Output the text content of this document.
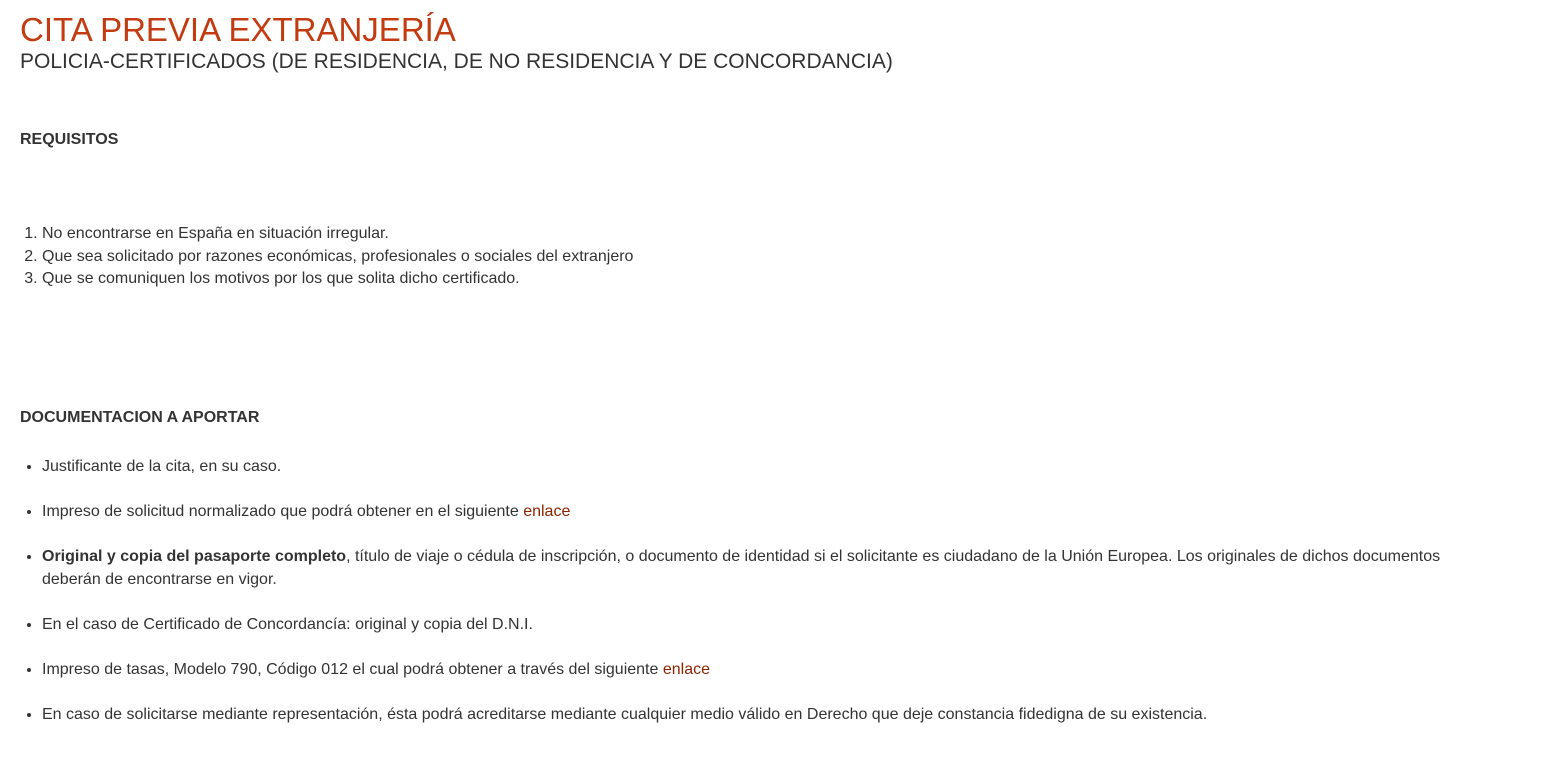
CITA PREVIA EXTRANJERÍA
POLICIA-CERTIFICADOS (DE RESIDENCIA, DE NO RESIDENCIA Y DE CONCORDANCIA)
REQUISITOS
1. No encontrarse en España en situación irregular.
2. Que sea solicitado por razones económicas, profesionales o sociales del extranjero
3. Que se comuniquen los motivos por los que solita dicho certificado.
DOCUMENTACION A APORTAR
• Justificante de la cita, en su caso.
• Impreso de solicitud normalizado que podrá obtener en el siguiente enlace
• Original y copia del pasaporte completo, título de viaje o cédula de inscripción, o documento de identidad si el solicitante es ciudadano de la Unión Europea. Los originales de dichos documentos deberán de encontrarse en vigor.
• En el caso de Certificado de Concordancía: original y copia del D.N.I.
• Impreso de tasas, Modelo 790, Código 012 el cual podrá obtener a través del siguiente enlace
• En caso de solicitarse mediante representación, ésta podrá acreditarse mediante cualquier medio válido en Derecho que deje constancia fidedigna de su existencia.
